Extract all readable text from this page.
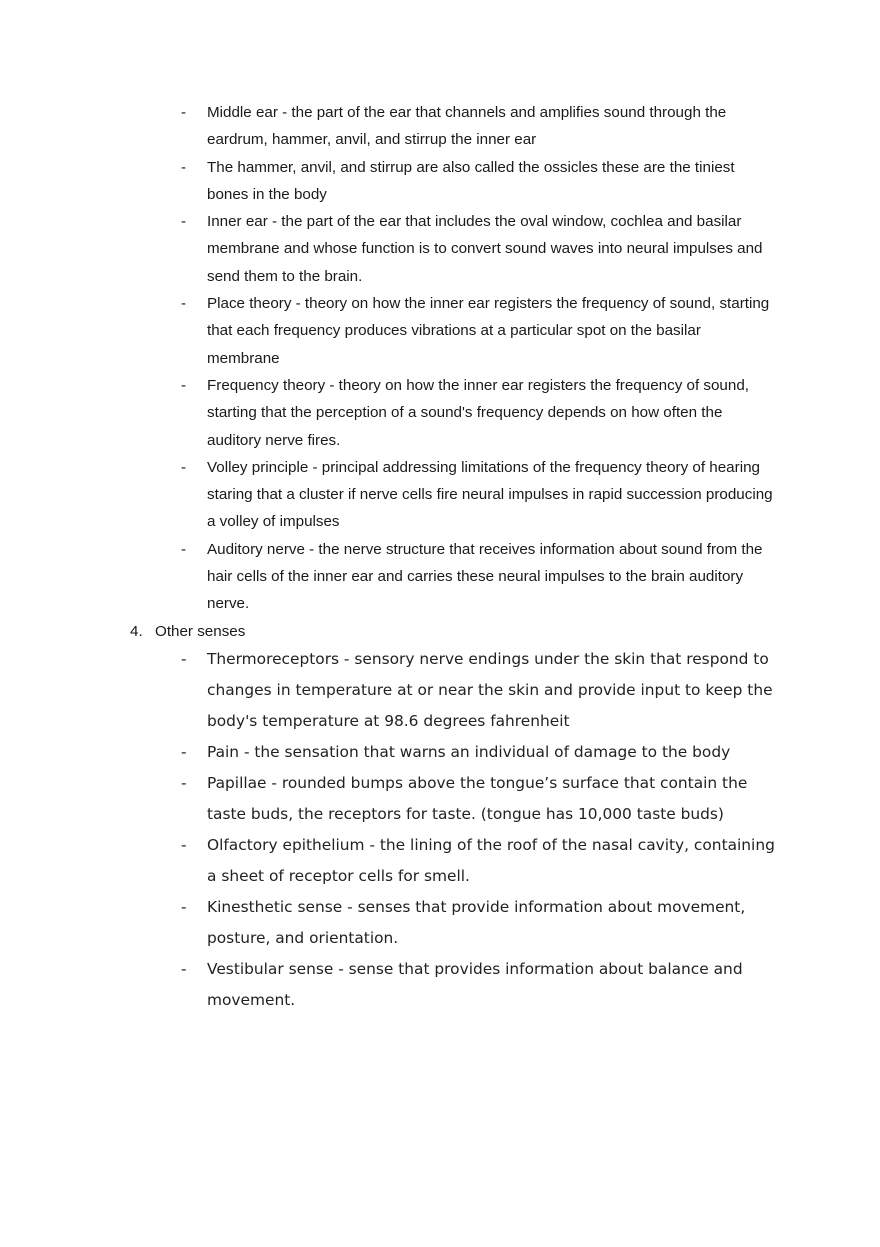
- Middle ear - the part of the ear that channels and amplifies sound through the eardrum, hammer, anvil, and stirrup the inner ear
- The hammer, anvil, and stirrup are also called the ossicles these are the tiniest bones in the body
- Inner ear - the part of the ear that includes the oval window, cochlea and basilar membrane and whose function is to convert sound waves into neural impulses and send them to the brain.
- Place theory - theory on how the inner ear registers the frequency of sound, starting that each frequency produces vibrations at a particular spot on the basilar membrane
- Frequency theory - theory on how the inner ear registers the frequency of sound, starting that the perception of a sound's frequency depends on how often the auditory nerve fires.
- Volley principle - principal addressing limitations of the frequency theory of hearing staring that a cluster if nerve cells fire neural impulses in rapid succession producing a volley of impulses
- Auditory nerve - the nerve structure that receives information about sound from the hair cells of the inner ear and carries these neural impulses to the brain auditory nerve.
4. Other senses
- Thermoreceptors - sensory nerve endings under the skin that respond to changes in temperature at or near the skin and provide input to keep the body's temperature at 98.6 degrees fahrenheit
- Pain - the sensation that warns an individual of damage to the body
- Papillae - rounded bumps above the tongue’s surface that contain the taste buds, the receptors for taste. (tongue has 10,000 taste buds)
- Olfactory epithelium - the lining of the roof of the nasal cavity, containing a sheet of receptor cells for smell.
- Kinesthetic sense - senses that provide information about movement, posture, and orientation.
- Vestibular sense - sense that provides information about balance and movement.
